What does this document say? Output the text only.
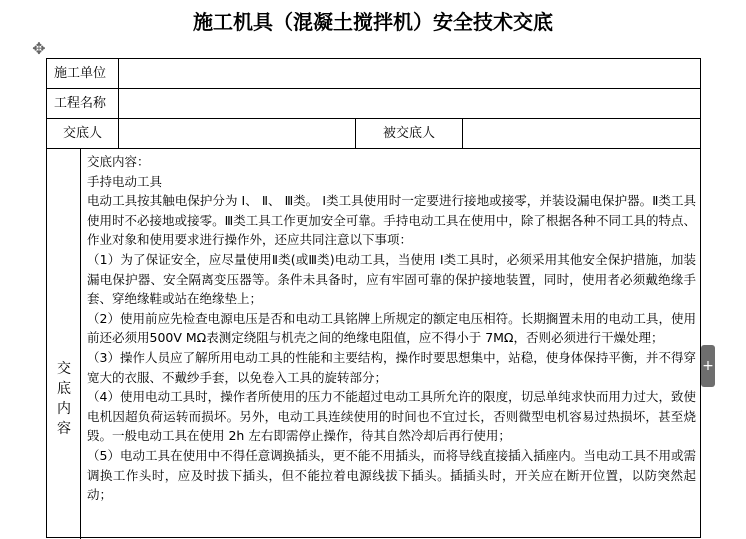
施工机具（混凝土搅拌机）安全技术交底
✥
+
施工单位
工程名称
交底人	被交底人
交
底
内
容

交底内容：

手持电动工具

电动工具按其触电保护分为 Ⅰ、 Ⅱ、 Ⅲ类。 Ⅰ类工具使用时一定要进行接地或接零，并装设漏电保护器。Ⅱ类工具使用时不必接地或接零。Ⅲ类工具工作更加安全可靠。手持电动工具在使用中，除了根据各种不同工具的特点、作业对象和使用要求进行操作外，还应共同注意以下事项：

（1）为了保证安全，应尽量使用Ⅱ类(或Ⅲ类)电动工具，当使用 Ⅰ类工具时，必须采用其他安全保护措施，加装漏电保护器、安全隔离变压器等。条件未具备时，应有牢固可靠的保护接地装置，同时，使用者必须戴绝缘手套、穿绝缘鞋或站在绝缘垫上；

（2）使用前应先检查电源电压是否和电动工具铭牌上所规定的额定电压相符。长期搁置未用的电动工具，使用前还必须用500V MΩ表测定绕阻与机壳之间的绝缘电阻值，应不得小于 7MΩ，否则必须进行干燥处理；

（3）操作人员应了解所用电动工具的性能和主要结构，操作时要思想集中，站稳，使身体保持平衡，并不得穿宽大的衣服、不戴纱手套，以免卷入工具的旋转部分；

（4）使用电动工具时，操作者所使用的压力不能超过电动工具所允许的限度，切忌单纯求快而用力过大，致使电机因超负荷运转而损坏。另外，电动工具连续使用的时间也不宜过长，否则微型电机容易过热损坏，甚至烧毁。一般电动工具在使用 2h 左右即需停止操作，待其自然冷却后再行使用；

（5）电动工具在使用中不得任意调换插头，更不能不用插头，而将导线直接插入插座内。当电动工具不用或需调换工作头时，应及时拔下插头，但不能拉着电源线拔下插头。插插头时，开关应在断开位置，以防突然起动；
